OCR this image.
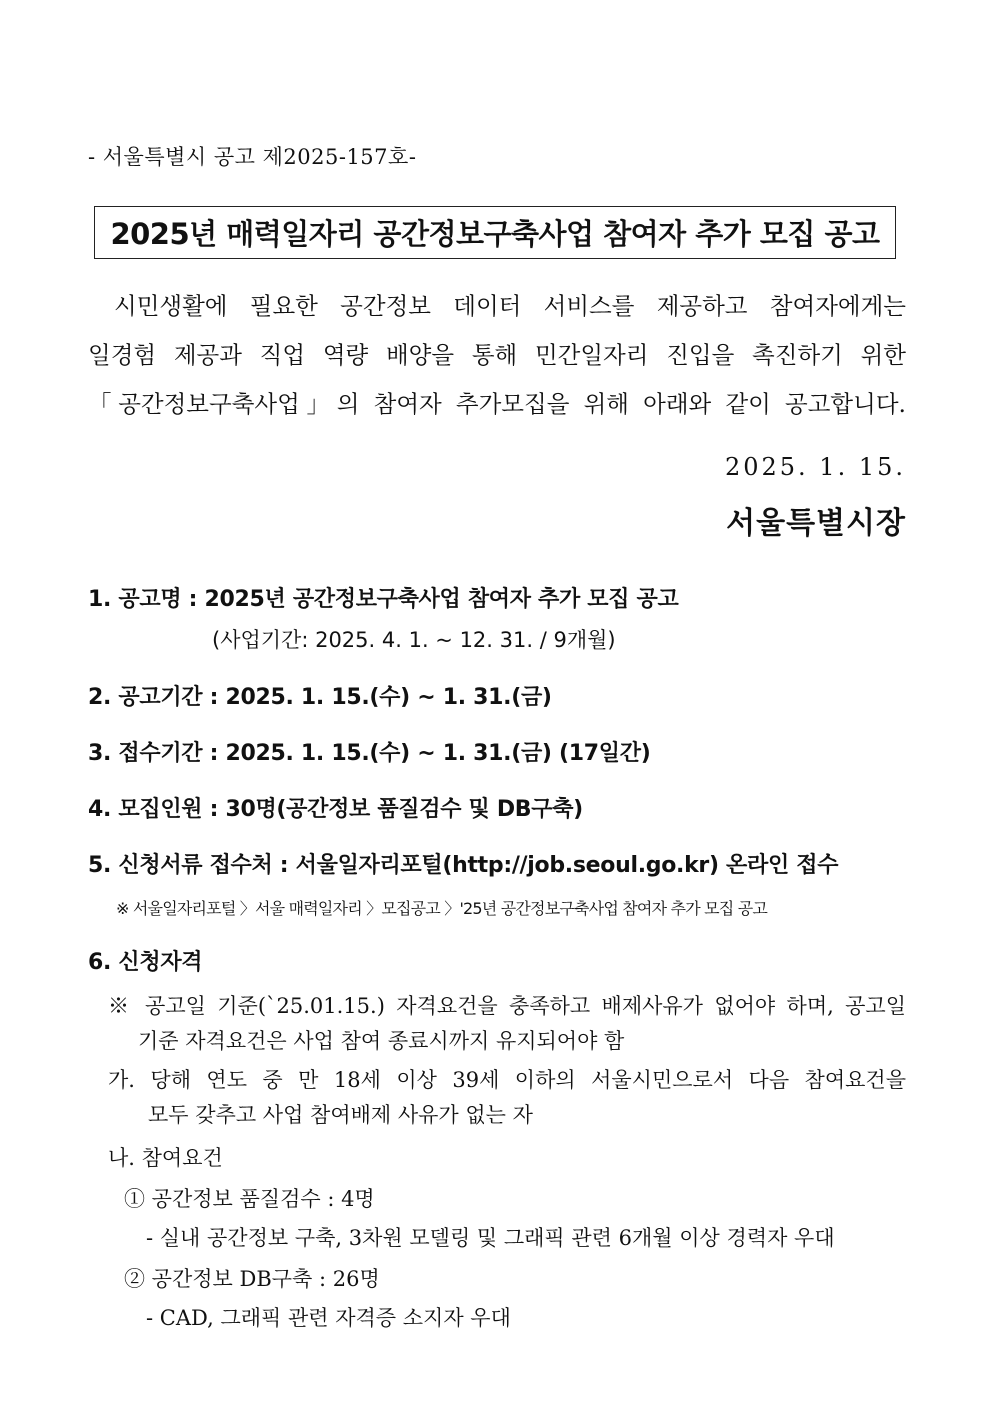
- 서울특별시 공고 제2025-157호-
2025년 매력일자리 공간정보구축사업 참여자 추가 모집 공고
시민생활에 필요한 공간정보 데이터 서비스를 제공하고 참여자에게는
일경험 제공과 직업 역량 배양을 통해 민간일자리 진입을 촉진하기 위한
「공간정보구축사업」의 참여자 추가모집을 위해 아래와 같이 공고합니다.
2025. 1. 15.
서울특별시장
1. 공고명 : 2025년 공간정보구축사업 참여자 추가 모집 공고
(사업기간: 2025. 4. 1. ~ 12. 31. / 9개월)
2. 공고기간 : 2025. 1. 15.(수) ~ 1. 31.(금)
3. 접수기간 : 2025. 1. 15.(수) ~ 1. 31.(금) (17일간)
4. 모집인원 : 30명(공간정보 품질검수 및 DB구축)
5. 신청서류 접수처 : 서울일자리포털(http://job.seoul.go.kr) 온라인 접수
※ 서울일자리포털 〉서울 매력일자리 〉모집공고 〉'25년 공간정보구축사업 참여자 추가 모집 공고
6. 신청자격
※ 공고일 기준(`25.01.15.) 자격요건을 충족하고 배제사유가 없어야 하며, 공고일
기준 자격요건은 사업 참여 종료시까지 유지되어야 함
가. 당해 연도 중 만 18세 이상 39세 이하의 서울시민으로서 다음 참여요건을
모두 갖추고 사업 참여배제 사유가 없는 자
나. 참여요건
① 공간정보 품질검수 : 4명
- 실내 공간정보 구축, 3차원 모델링 및 그래픽 관련 6개월 이상 경력자 우대
② 공간정보 DB구축 : 26명
- CAD, 그래픽 관련 자격증 소지자 우대
